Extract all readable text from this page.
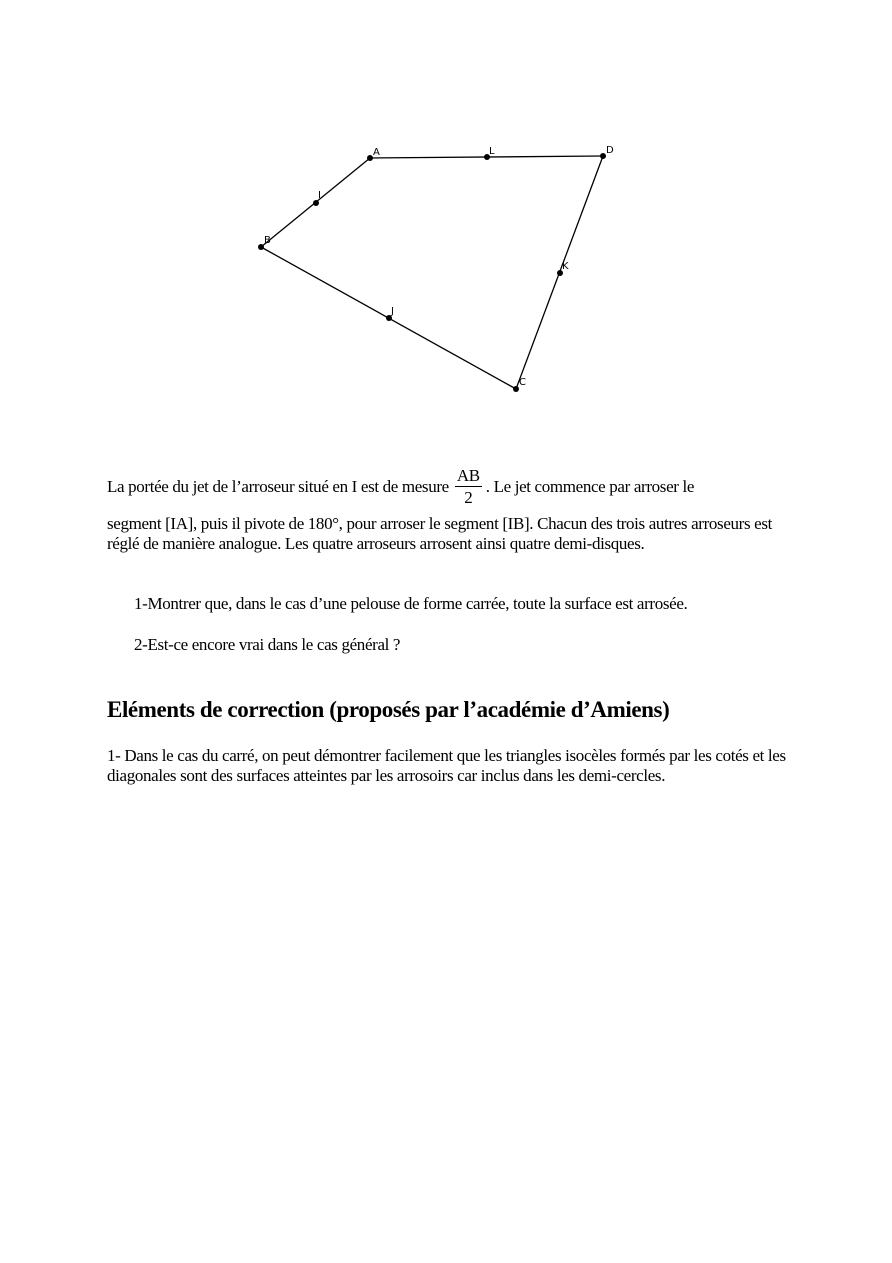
A	L	D
I
B
K
J
C
La portée du jet de l’arroseur situé en I est de mesure $\frac{AB}{2}$ . Le jet commence par arroser le
segment [IA], puis il pivote de 180°, pour arroser le segment [IB]. Chacun des trois autres arroseurs est réglé de manière analogue. Les quatre arroseurs arrosent ainsi quatre demi-disques.
1-Montrer que, dans le cas d’une pelouse de forme carrée, toute la surface est arrosée.
2-Est-ce encore vrai dans le cas général ?
Eléments de correction (proposés par l’académie d’Amiens)
1- Dans le cas du carré, on peut démontrer facilement que les triangles isocèles formés par les cotés et les diagonales sont des surfaces atteintes par les arrosoirs car inclus dans les demi-cercles.
